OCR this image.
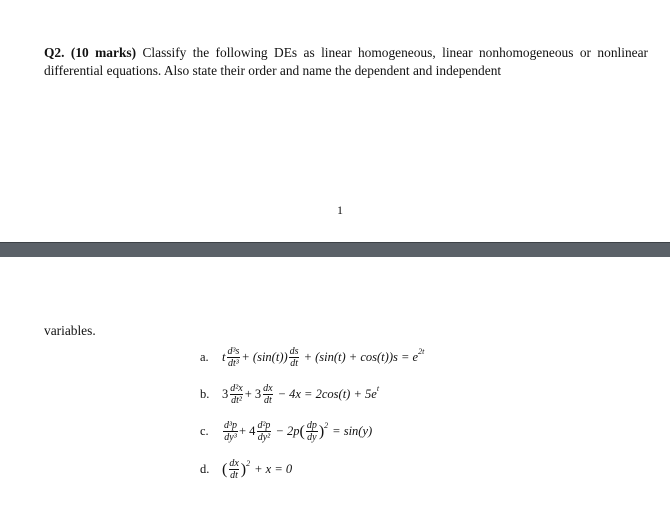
Q2. (10 marks) Classify the following DEs as linear homogeneous, linear nonhomogeneous or nonlinear differential equations. Also state their order and name the dependent and independent
1
variables.
a.	t $\frac{\text{d³s}}{\text{dt³}} + (\sin(t)) \frac{ds}{dt} + (\sin(t) + \cos(t))s = e$ 2t
b.	$3 \frac{\text{d²x}}{\text{dt²}} + 3 \frac{dx}{dt} - 4x = 2\cos(t) + 5e$ t
c.	$\frac{\text{d³p}}{\text{dy³}} + 4 \frac{\text{d²p}}{\text{dy²}} - 2p$ ( $\frac{dp}{dy}$ ) 2 = sin(y)
d. ( $\frac{dx}{dt}$ ) 2 + x = 0
